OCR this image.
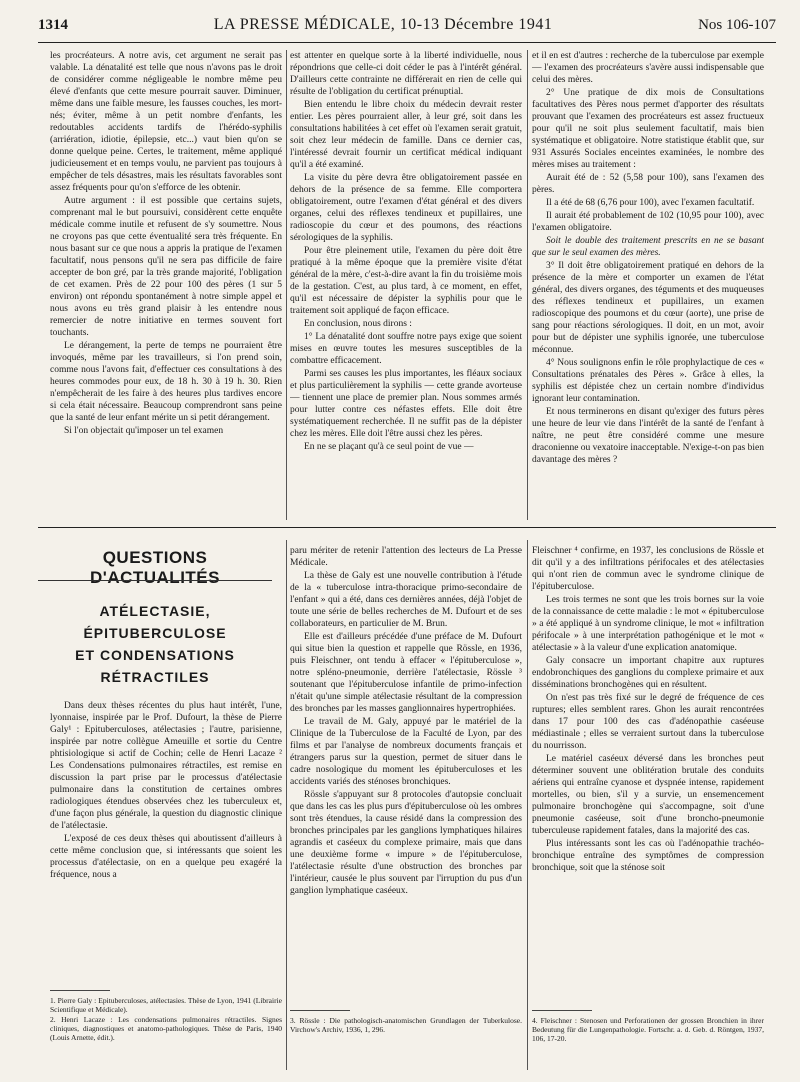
1314	LA PRESSE MÉDICALE, 10-13 Décembre 1941	Nos 106-107

les procréateurs. A notre avis, cet argument ne serait pas valable. La dénatalité est telle que nous n'avons pas le droit de considérer comme négligeable le nombre même peu élevé d'enfants que cette mesure pourrait sauver. Diminuer, même dans une faible mesure, les fausses couches, les mort-nés; éviter, même à un petit nombre d'enfants, les redoutables accidents tardifs de l'hérédo-syphilis (arriération, idiotie, épilepsie, etc...) vaut bien qu'on se donne quelque peine. Certes, le traitement, même appliqué judicieusement et en temps voulu, ne parvient pas toujours à empêcher de tels désastres, mais les résultats favorables sont assez fréquents pour qu'on s'efforce de les obtenir.

Autre argument : il est possible que certains sujets, comprenant mal le but poursuivi, considèrent cette enquête médicale comme inutile et refusent de s'y soumettre. Nous ne croyons pas que cette éventualité sera très fréquente. En nous basant sur ce que nous a appris la pratique de l'examen facultatif, nous pensons qu'il ne sera pas difficile de faire accepter de bon gré, par la très grande majorité, l'obligation de cet examen. Près de 22 pour 100 des pères (1 sur 5 environ) ont répondu spontanément à notre simple appel et nous avons eu très grand plaisir à les entendre nous remercier de notre initiative en termes souvent fort touchants.

Le dérangement, la perte de temps ne pourraient être invoqués, même par les travailleurs, si l'on prend soin, comme nous l'avons fait, d'effectuer ces consultations à des heures commodes pour eux, de 18 h. 30 à 19 h. 30. Rien n'empêcherait de les faire à des heures plus tardives encore si cela était nécessaire. Beaucoup comprendront sans peine que la santé de leur enfant mérite un si petit dérangement.

Si l'on objectait qu'imposer un tel examen

est attenter en quelque sorte à la liberté individuelle, nous répondrions que celle-ci doit céder le pas à l'intérêt général. D'ailleurs cette contrainte ne différerait en rien de celle qui résulte de l'obligation du certificat prénuptial.

Bien entendu le libre choix du médecin devrait rester entier. Les pères pourraient aller, à leur gré, soit dans les consultations habilitées à cet effet où l'examen serait gratuit, soit chez leur médecin de famille. Dans ce dernier cas, l'intéressé devrait fournir un certificat médical indiquant qu'il a été examiné.

La visite du père devra être obligatoirement passée en dehors de la présence de sa femme. Elle comportera obligatoirement, outre l'examen d'état général et des divers organes, celui des réflexes tendineux et pupillaires, une radioscopie du cœur et des poumons, des réactions sérologiques de la syphilis.

Pour être pleinement utile, l'examen du père doit être pratiqué à la même époque que la première visite d'état général de la mère, c'est-à-dire avant la fin du troisième mois de la gestation. C'est, au plus tard, à ce moment, en effet, qu'il est nécessaire de dépister la syphilis pour que le traitement soit appliqué de façon efficace.

En conclusion, nous dirons :

1° La dénatalité dont souffre notre pays exige que soient mises en œuvre toutes les mesures susceptibles de la combattre efficacement.

Parmi ses causes les plus importantes, les fléaux sociaux et plus particulièrement la syphilis — cette grande avorteuse — tiennent une place de premier plan. Nous sommes armés pour lutter contre ces néfastes effets. Elle doit être systématiquement recherchée. Il ne suffit pas de la dépister chez les mères. Elle doit l'être aussi chez les pères.

En ne se plaçant qu'à ce seul point de vue —

et il en est d'autres : recherche de la tuberculose par exemple — l'examen des procréateurs s'avère aussi indispensable que celui des mères.

2° Une pratique de dix mois de Consultations facultatives des Pères nous permet d'apporter des résultats prouvant que l'examen des procréateurs est assez fructueux pour qu'il ne soit plus seulement facultatif, mais bien systématique et obligatoire. Notre statistique établit que, sur 931 Assurés Sociales enceintes examinées, le nombre des mères mises au traitement :

Aurait été de : 52 (5,58 pour 100), sans l'examen des pères.

Il a été de 68 (6,76 pour 100), avec l'examen facultatif.

Il aurait été probablement de 102 (10,95 pour 100), avec l'examen obligatoire.

Soit le double des traitement prescrits en ne se basant que sur le seul examen des mères.

3° Il doit être obligatoirement pratiqué en dehors de la présence de la mère et comporter un examen de l'état général, des divers organes, des téguments et des muqueuses des réflexes tendineux et pupillaires, un examen radioscopique des poumons et du cœur (aorte), une prise de sang pour réactions sérologiques. Il doit, en un mot, avoir pour but de dépister une syphilis ignorée, une tuberculose méconnue.

4° Nous soulignons enfin le rôle prophylactique de ces « Consultations prénatales des Pères ». Grâce à elles, la syphilis est dépistée chez un certain nombre d'individus ignorant leur contamination.

Et nous terminerons en disant qu'exiger des futurs pères une heure de leur vie dans l'intérêt de la santé de l'enfant à naître, ne peut être considéré comme une mesure draconienne ou vexatoire inacceptable. N'exige-t-on pas bien davantage des mères ?

QUESTIONS D'ACTUALITÉS
ATÉLECTASIE,
ÉPITUBERCULOSE
ET CONDENSATIONS
RÉTRACTILES

Dans deux thèses récentes du plus haut intérêt, l'une, lyonnaise, inspirée par le Prof. Dufourt, la thèse de Pierre Galy¹ : Epituberculoses, atélectasies ; l'autre, parisienne, inspirée par notre collègue Ameuille et sortie du Centre phtisiologique si actif de Cochin; celle de Henri Lacaze ² Les Condensations pulmonaires rétractiles, est remise en discussion la part prise par le processus d'atélectasie pulmonaire dans la constitution de certaines ombres radiologiques étendues observées chez les tuberculeux et, d'une façon plus générale, la question du diagnostic clinique de l'atélectasie.

L'exposé de ces deux thèses qui aboutissent d'ailleurs à cette même conclusion que, si intéressants que soient les processus d'atélectasie, on en a quelque peu exagéré la fréquence, nous a

1. Pierre Galy : Epituberculoses, atélectasies. Thèse de Lyon, 1941 (Librairie Scientifique et Médicale).

2. Henri Lacaze : Les condensations pulmonaires rétractiles. Signes cliniques, diagnostiques et anatomo-pathologiques. Thèse de Paris, 1940 (Louis Arnette, édit.).

paru mériter de retenir l'attention des lecteurs de La Presse Médicale.

La thèse de Galy est une nouvelle contribution à l'étude de la « tuberculose intra-thoracique primo-secondaire de l'enfant » qui a été, dans ces dernières années, déjà l'objet de toute une série de belles recherches de M. Dufourt et de ses collaborateurs, en particulier de M. Brun.

Elle est d'ailleurs précédée d'une préface de M. Dufourt qui situe bien la question et rappelle que Rössle, en 1936, puis Fleischner, ont tendu à effacer « l'épituberculose », notre spléno-pneumonie, derrière l'atélectasie, Rössle ³ soutenant que l'épituberculose infantile de primo-infection n'était qu'une simple atélectasie résultant de la compression des bronches par les masses ganglionnaires hypertrophiées.

Le travail de M. Galy, appuyé par le matériel de la Clinique de la Tuberculose de la Faculté de Lyon, par des films et par l'analyse de nombreux documents français et étrangers parus sur la question, permet de situer dans le cadre nosologique du moment les épituberculoses et les accidents variés des sténoses bronchiques.

Rössle s'appuyant sur 8 protocoles d'autopsie concluait que dans les cas les plus purs d'épituberculose où les ombres sont très étendues, la cause résidé dans la compression des bronches principales par les ganglions lymphatiques hilaires agrandis et caséeux du complexe primaire, mais que dans une deuxième forme « impure » de l'épituberculose, l'atélectasie résulte d'une obstruction des bronches par l'intérieur, causée le plus souvent par l'irruption du pus d'un ganglion lymphatique caséeux.

3. Rössle : Die pathologisch-anatomischen Grundlagen der Tuberkulose. Virchow's Archiv, 1936, 1, 296.

Fleischner ⁴ confirme, en 1937, les conclusions de Rössle et dit qu'il y a des infiltrations périfocales et des atélectasies qui n'ont rien de commun avec le syndrome clinique de l'épituberculose.

Les trois termes ne sont que les trois bornes sur la voie de la connaissance de cette maladie : le mot « épituberculose » a été appliqué à un syndrome clinique, le mot « infiltration périfocale » à une interprétation pathogénique et le mot « atélectasie » à la valeur d'une explication anatomique.

Galy consacre un important chapitre aux ruptures endobronchiques des ganglions du complexe primaire et aux disséminations bronchogènes qui en résultent.

On n'est pas très fixé sur le degré de fréquence de ces ruptures; elles semblent rares. Ghon les aurait rencontrées dans 17 pour 100 des cas d'adénopathie caséeuse médiastinale ; elles se verraient surtout dans la tuberculose du nourrisson.

Le matériel caséeux déversé dans les bronches peut déterminer souvent une oblitération brutale des conduits aériens qui entraîne cyanose et dyspnée intense, rapidement mortelles, ou bien, s'il y a survie, un ensemencement pulmonaire bronchogène qui s'accompagne, soit d'une pneumonie caséeuse, soit d'une broncho-pneumonie tuberculeuse rapidement fatales, dans la majorité des cas.

Plus intéressants sont les cas où l'adénopathie trachéo-bronchique entraîne des symptômes de compression bronchique, soit que la sténose soit

4. Fleischner : Stenosen und Perforationen der grossen Bronchien in ihrer Bedeutung für die Lungenpathologie. Fortschr. a. d. Geb. d. Röntgen, 1937, 106, 17-20.
